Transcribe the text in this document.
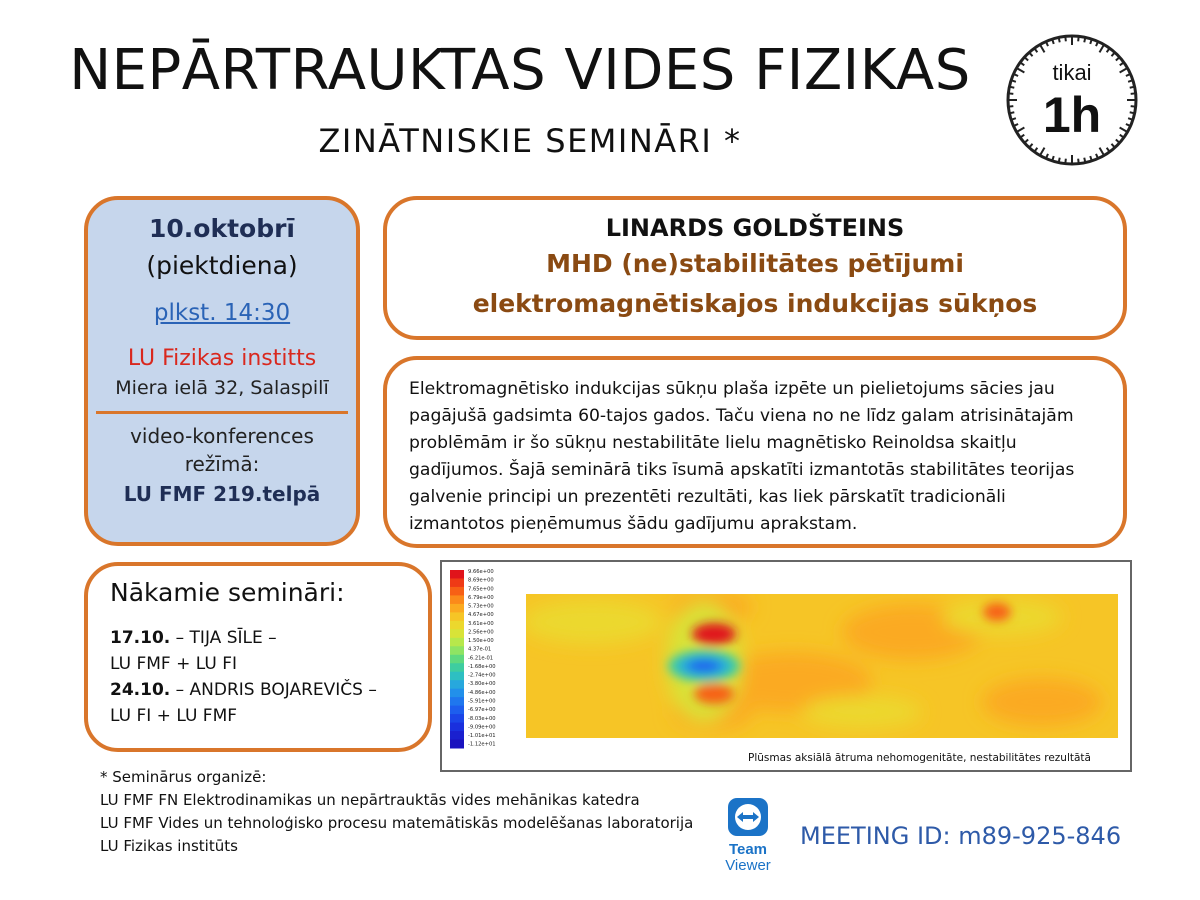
NEPĀRTRAUKTAS VIDES FIZIKAS
ZINĀTNISKIE SEMINĀRI *
tikai
1h
10.oktobrī
(piektdiena)
plkst. 14:30
LU Fizikas institts
Miera ielā 32, Salaspilī
video-konferences
režīmā:
LU FMF 219.telpā
LINARDS GOLDŠTEINS
MHD (ne)stabilitātes pētījumi
elektromagnētiskajos indukcijas sūkņos

Elektromagnētisko indukcijas sūkņu plaša izpēte un pielietojums sācies jau pagājušā gadsimta 60-tajos gados. Taču viena no ne līdz galam atrisinātajām problēmām ir šo sūkņu nestabilitāte lielu magnētisko Reinoldsa skaitļu gadījumos. Šajā seminārā tiks īsumā apskatīti izmantotās stabilitātes teorijas galvenie principi un prezentēti rezultāti, kas liek pārskatīt tradicionāli izmantotos pieņēmumus šādu gadījumu aprakstam.

Nākamie semināri:
17.10. – TIJA SĪLE –
LU FMF + LU FI
24.10. – ANDRIS BOJAREVIČS –
LU FI + LU FMF
9.66e+00
8.69e+00
7.65e+00
6.79e+00
5.73e+00
4.67e+00
3.61e+00
2.56e+00
1.50e+00
4.37e-01
-6.21e-01
-1.68e+00
-2.74e+00
-3.80e+00
-4.86e+00
-5.91e+00
-6.97e+00
-8.03e+00
-9.09e+00
-1.01e+01
-1.12e+01
Plūsmas aksiālā ātruma nehomogenitāte, nestabilitātes rezultātā
* Seminārus organizē:
LU FMF FN Elektrodinamikas un nepārtrauktās vides mehānikas katedra
LU FMF Vides un tehnoloģisko procesu matemātiskās modelēšanas laboratorija
LU Fizikas institūts	Team
Viewer
MEETING ID: m89-925-846
